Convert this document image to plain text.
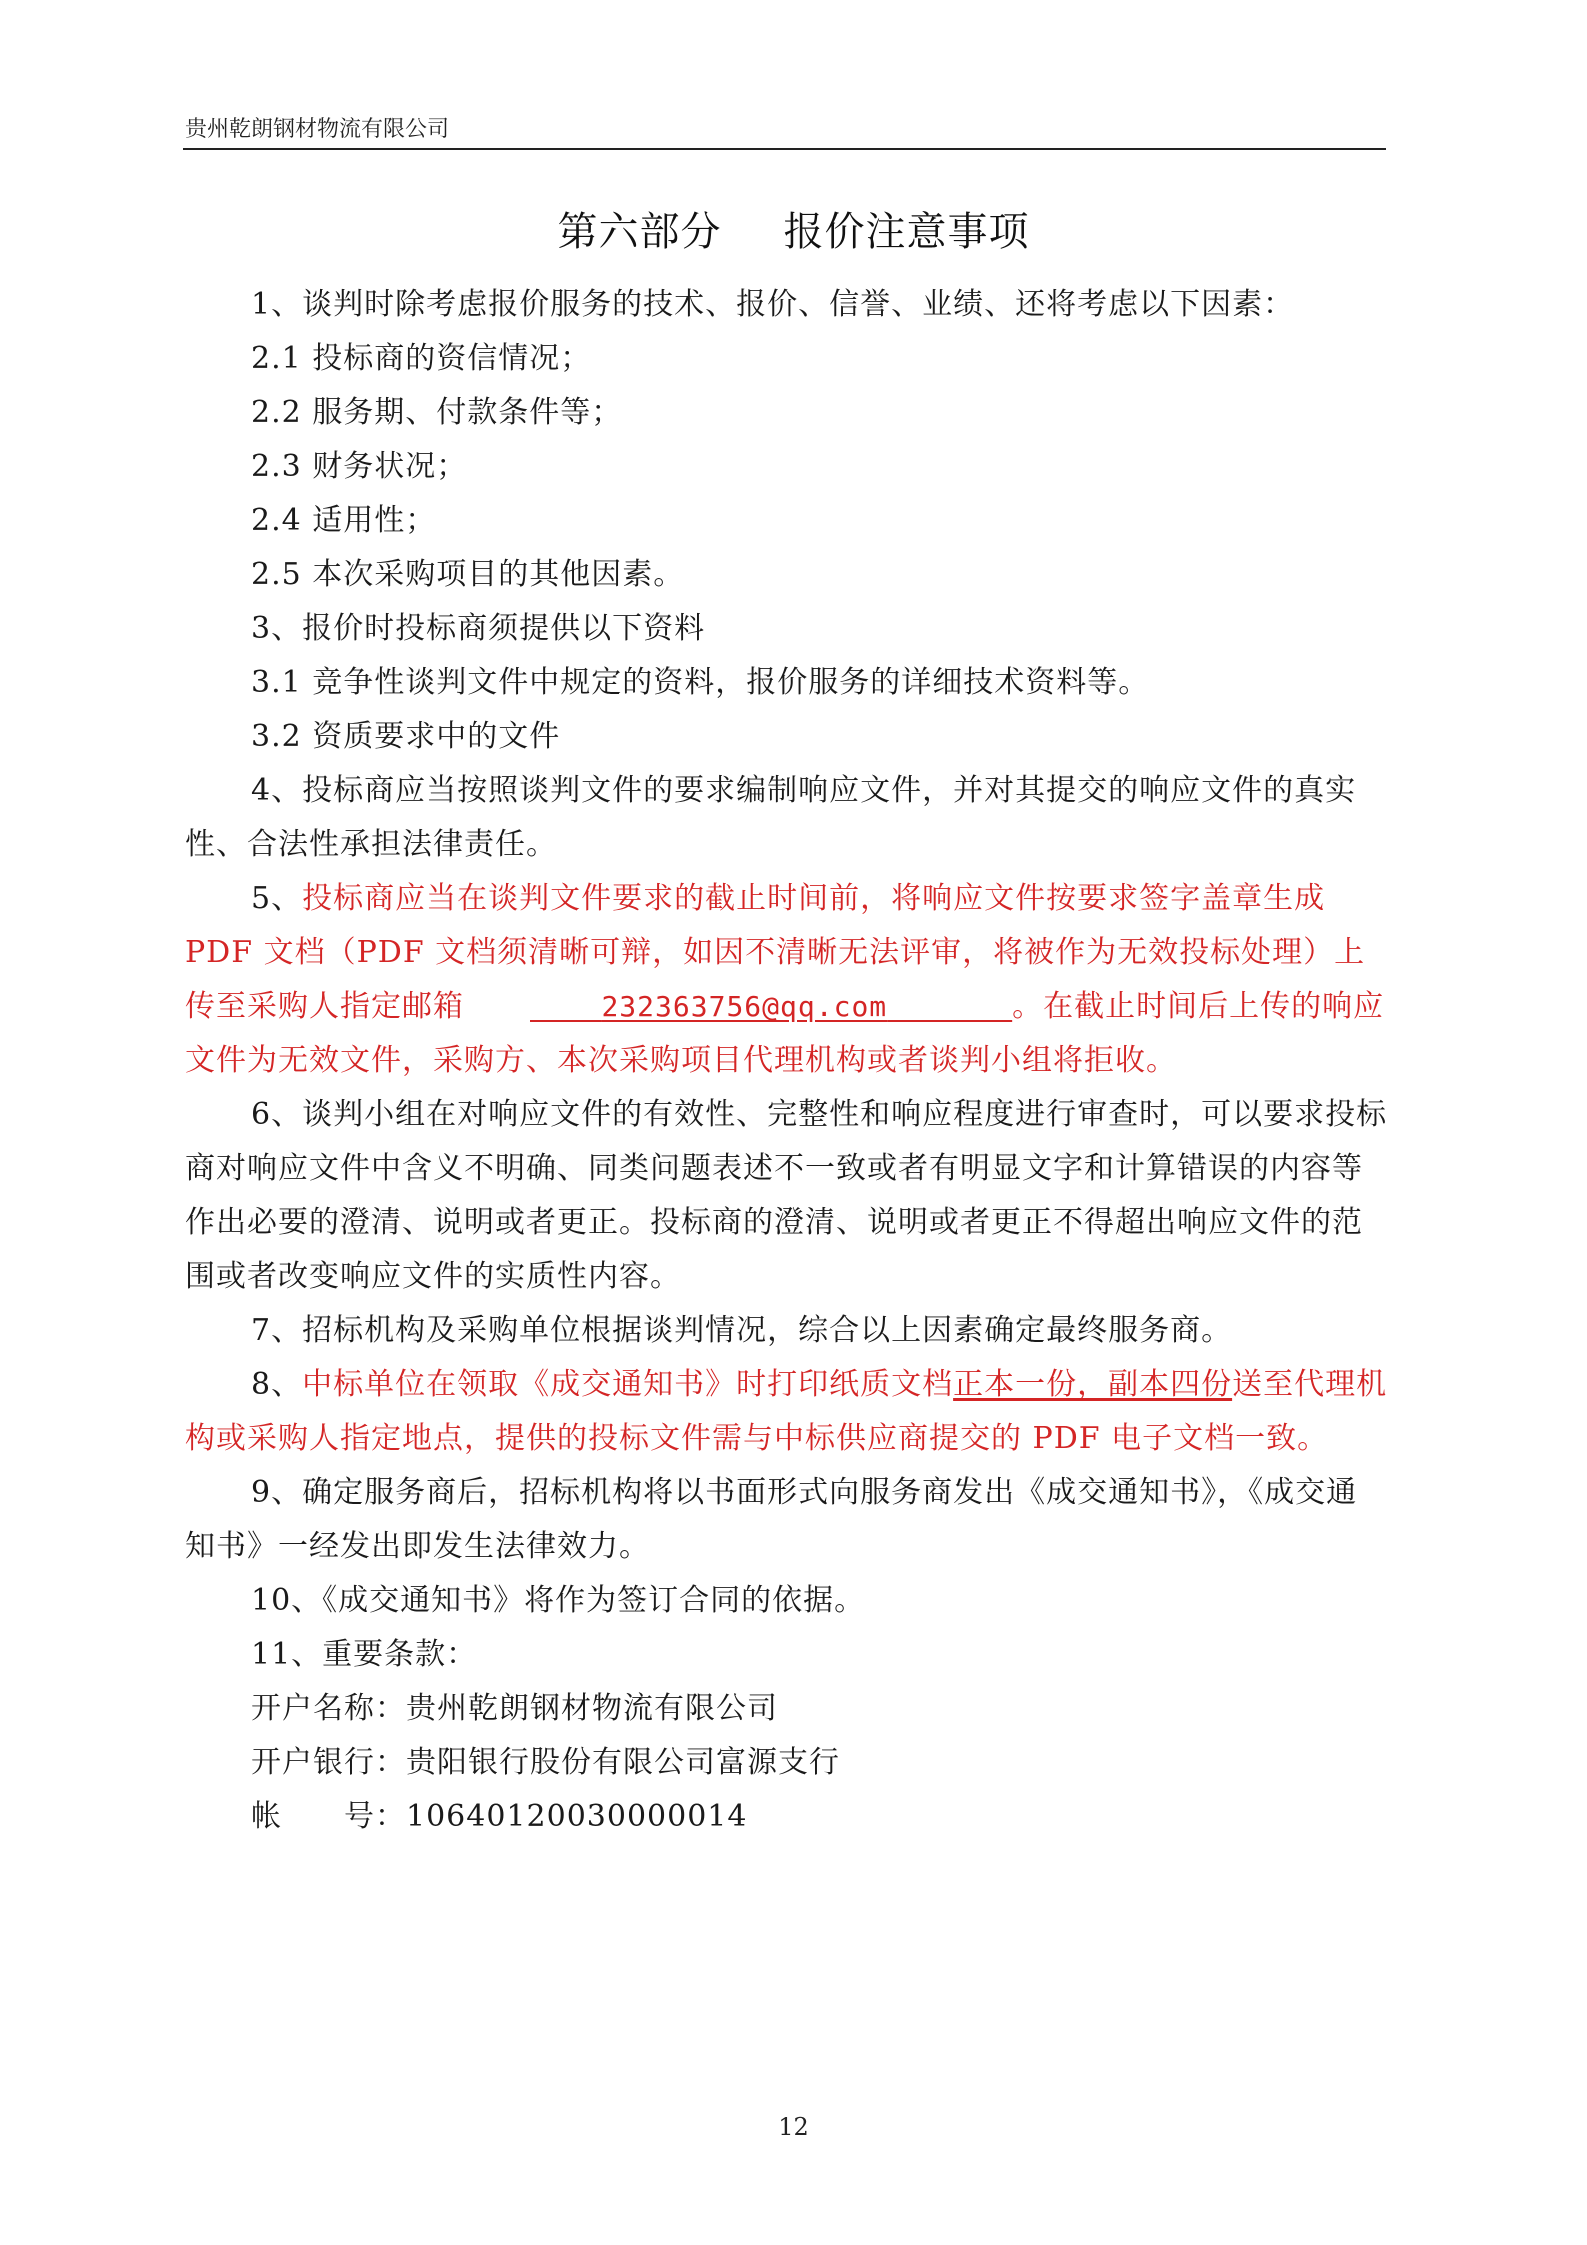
贵州乾朗钢材物流有限公司
第六部分 报价注意事项

1、谈判时除考虑报价服务的技术、报价、信誉、业绩、还将考虑以下因素：

2.1 投标商的资信情况；

2.2 服务期、付款条件等；

2.3 财务状况；

2.4 适用性；

2.5 本次采购项目的其他因素。

3、报价时投标商须提供以下资料

3.1 竞争性谈判文件中规定的资料，报价服务的详细技术资料等。

3.2 资质要求中的文件

4、投标商应当按照谈判文件的要求编制响应文件，并对其提交的响应文件的真实性、合法性承担法律责任。

5、投标商应当在谈判文件要求的截止时间前，将响应文件按要求签字盖章生成 PDF 文档（PDF 文档须清晰可辩，如因不清晰无法评审，将被作为无效投标处理）上传至采购人指定邮箱	232363756@qq.com	。在截止时间后上传的响应文件为无效文件，采购方、本次采购项目代理机构或者谈判小组将拒收。

6、谈判小组在对响应文件的有效性、完整性和响应程度进行审查时，可以要求投标商对响应文件中含义不明确、同类问题表述不一致或者有明显文字和计算错误的内容等作出必要的澄清、说明或者更正。投标商的澄清、说明或者更正不得超出响应文件的范围或者改变响应文件的实质性内容。

7、招标机构及采购单位根据谈判情况，综合以上因素确定最终服务商。

8、中标单位在领取《成交通知书》时打印纸质文档正本一份，副本四份送至代理机构或采购人指定地点，提供的投标文件需与中标供应商提交的 PDF 电子文档一致。

9、确定服务商后，招标机构将以书面形式向服务商发出《成交通知书》，《成交通知书》一经发出即发生法律效力。

10、《成交通知书》将作为签订合同的依据。

11、重要条款：

开户名称：贵州乾朗钢材物流有限公司

开户银行：贵阳银行股份有限公司富源支行

帐　　号：10640120030000014

12
